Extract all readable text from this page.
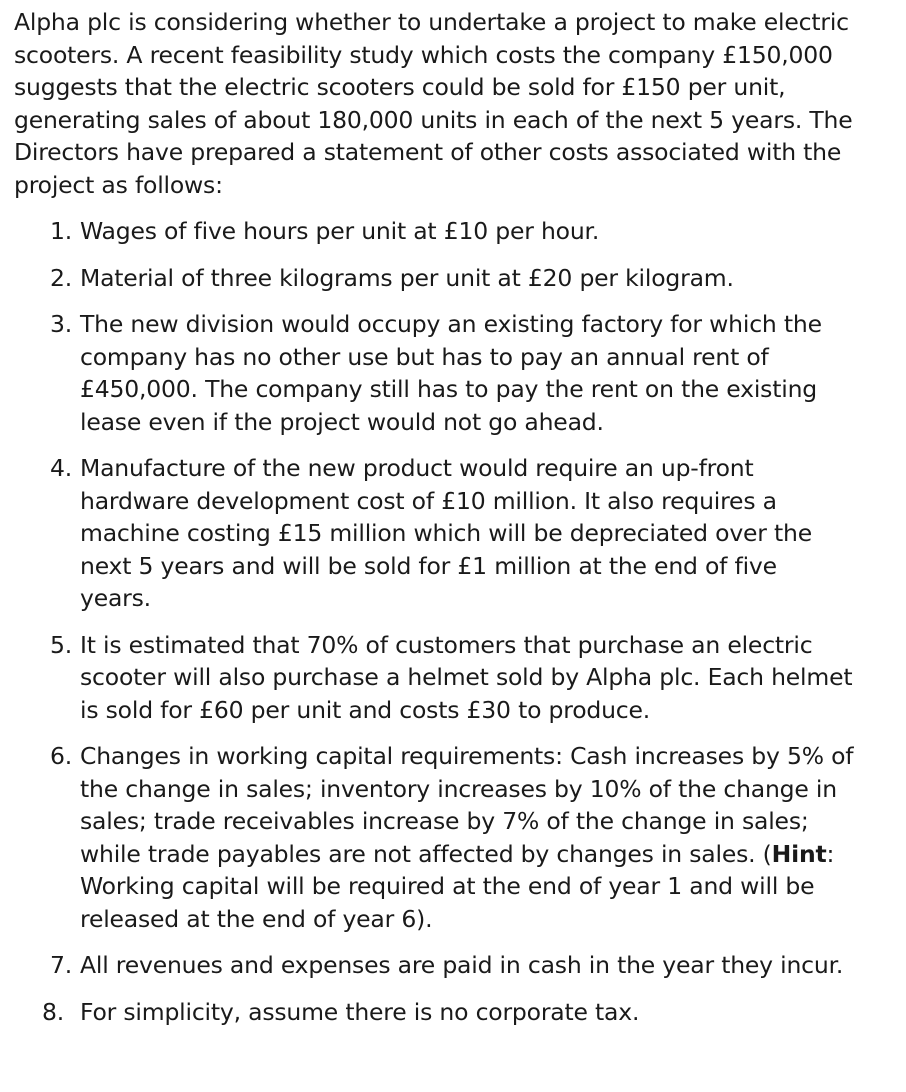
Alpha plc is considering whether to undertake a project to make electric scooters. A recent feasibility study which costs the company £150,000 suggests that the electric scooters could be sold for £150 per unit, generating sales of about 180,000 units in each of the next 5 years. The Directors have prepared a statement of other costs associated with the project as follows:

1. Wages of five hours per unit at £10 per hour.
2. Material of three kilograms per unit at £20 per kilogram.
3. The new division would occupy an existing factory for which the company has no other use but has to pay an annual rent of £450,000. The company still has to pay the rent on the existing lease even if the project would not go ahead.
4. Manufacture of the new product would require an up-front hardware development cost of £10 million. It also requires a machine costing £15 million which will be depreciated over the next 5 years and will be sold for £1 million at the end of five years.
5. It is estimated that 70% of customers that purchase an electric scooter will also purchase a helmet sold by Alpha plc. Each helmet is sold for £60 per unit and costs £30 to produce.
6. Changes in working capital requirements: Cash increases by 5% of the change in sales; inventory increases by 10% of the change in sales; trade receivables increase by 7% of the change in sales; while trade payables are not affected by changes in sales. (Hint: Working capital will be required at the end of year 1 and will be released at the end of year 6).
7. All revenues and expenses are paid in cash in the year they incur.
8. For simplicity, assume there is no corporate tax.
